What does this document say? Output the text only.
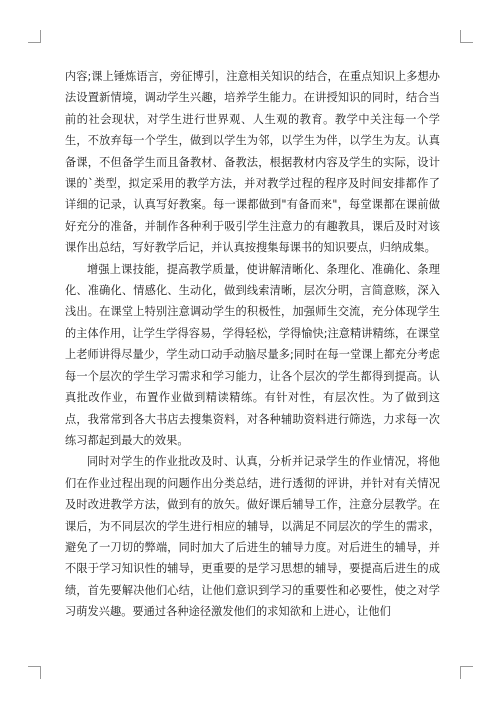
内容;课上锤炼语言，旁征博引，注意相关知识的结合，在重点知识上多想办法设置新情境，调动学生兴趣，培养学生能力。在讲授知识的同时，结合当前的社会现状，对学生进行世界观、人生观的教育。教学中关注每一个学生，不放弃每一个学生，做到以学生为邻，以学生为伴，以学生为友。认真备课，不但备学生而且备教材、备教法，根据教材内容及学生的实际，设计课的`类型，拟定采用的教学方法，并对教学过程的程序及时间安排都作了详细的记录，认真写好教案。每一课都做到"有备而来"，每堂课都在课前做好充分的准备，并制作各种利于吸引学生注意力的有趣教具，课后及时对该课作出总结，写好教学后记，并认真按搜集每课书的知识要点，归纳成集。

增强上课技能，提高教学质量，使讲解清晰化、条理化、准确化、条理化、准确化、情感化、生动化，做到线索清晰，层次分明，言简意赅，深入浅出。在课堂上特别注意调动学生的积极性，加强师生交流，充分体现学生的主体作用，让学生学得容易，学得轻松，学得愉快;注意精讲精练，在课堂上老师讲得尽量少，学生动口动手动脑尽量多;同时在每一堂课上都充分考虑每一个层次的学生学习需求和学习能力，让各个层次的学生都得到提高。认真批改作业，布置作业做到精读精练。有针对性，有层次性。为了做到这点，我常常到各大书店去搜集资料，对各种辅助资料进行筛选，力求每一次练习都起到最大的效果。

同时对学生的作业批改及时、认真，分析并记录学生的作业情况，将他们在作业过程出现的问题作出分类总结，进行透彻的评讲，并针对有关情况及时改进教学方法，做到有的放矢。做好课后辅导工作，注意分层教学。在课后，为不同层次的学生进行相应的辅导，以满足不同层次的学生的需求，避免了一刀切的弊端，同时加大了后进生的辅导力度。对后进生的辅导，并不限于学习知识性的辅导，更重要的是学习思想的辅导，要提高后进生的成绩，首先要解决他们心结，让他们意识到学习的重要性和必要性，使之对学习萌发兴趣。要通过各种途径激发他们的求知欲和上进心，让他们
